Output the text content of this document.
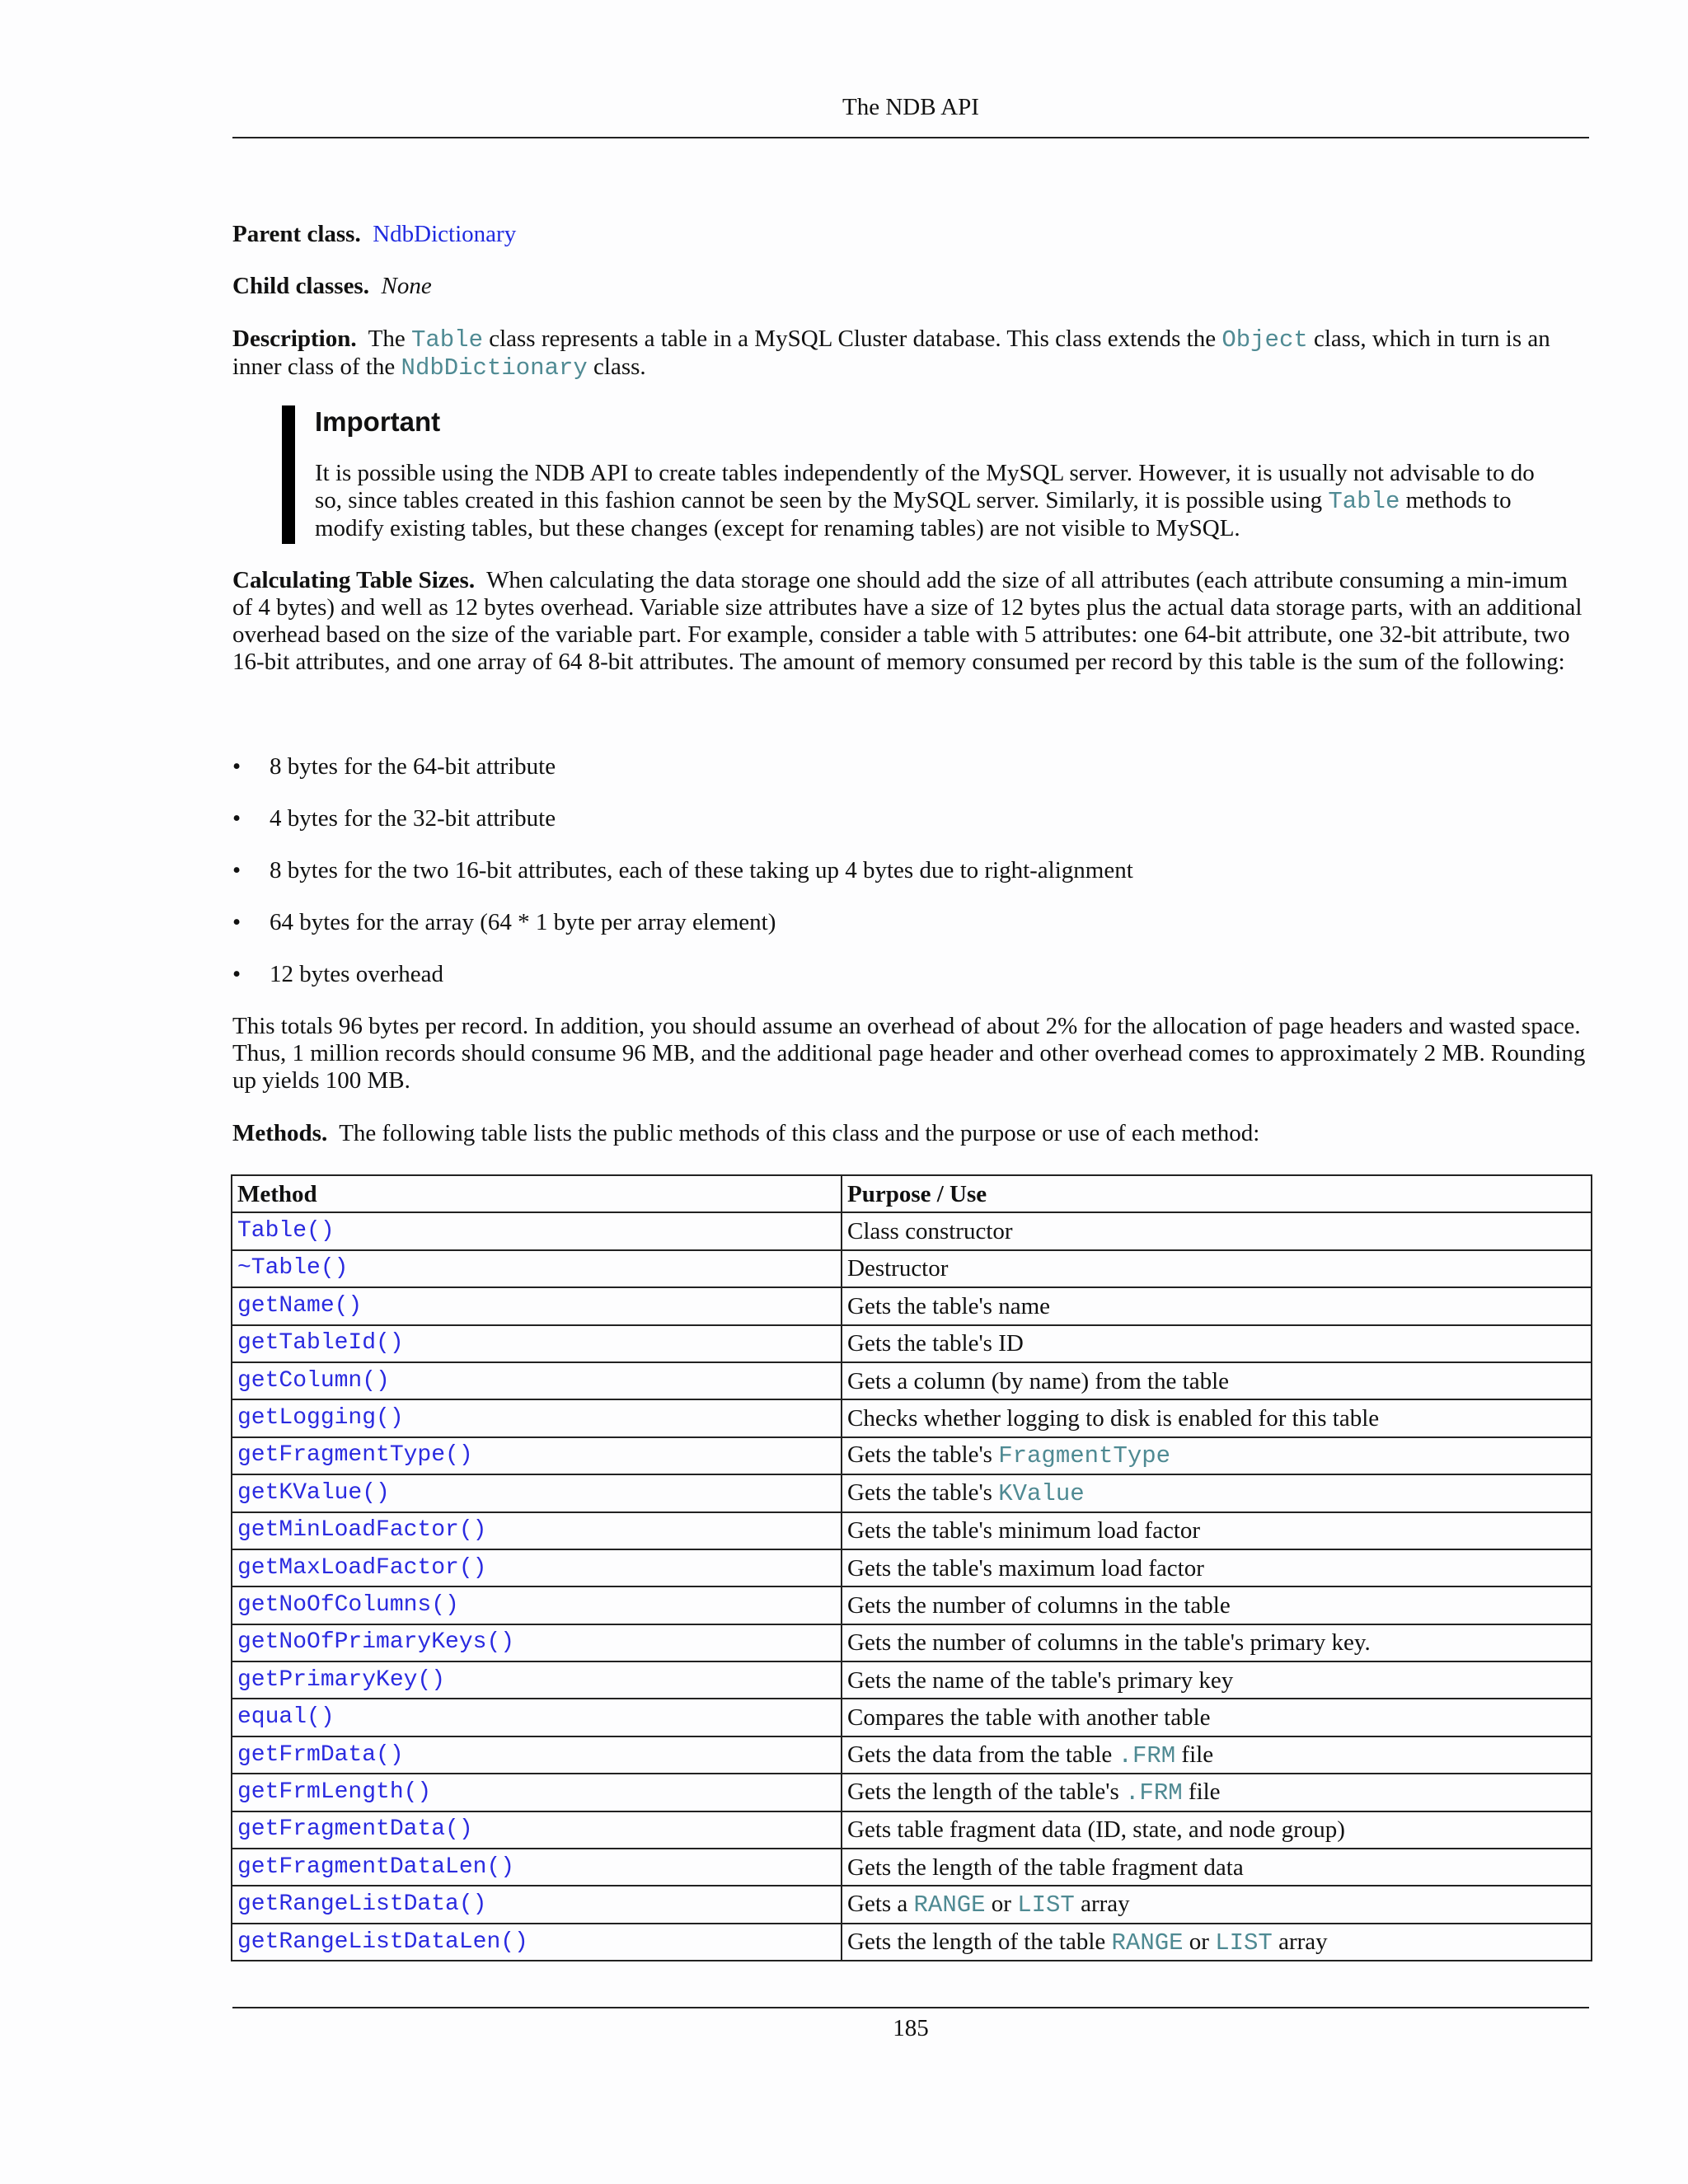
The NDB API

Parent class. NdbDictionary

Child classes. None

Description. The Table class represents a table in a MySQL Cluster database. This class extends the Object class, which in turn is an inner class of the NdbDictionary class.

Important
It is possible using the NDB API to create tables independently of the MySQL server. However, it is usually not advisable to do so, since tables created in this fashion cannot be seen by the MySQL server. Similarly, it is possible using Table methods to modify existing tables, but these changes (except for renaming tables) are not visible to MySQL.

Calculating Table Sizes. When calculating the data storage one should add the size of all attributes (each attribute consuming a min-imum of 4 bytes) and well as 12 bytes overhead. Variable size attributes have a size of 12 bytes plus the actual data storage parts, with an additional overhead based on the size of the variable part. For example, consider a table with 5 attributes: one 64-bit attribute, one 32-bit attribute, two 16-bit attributes, and one array of 64 8-bit attributes. The amount of memory consumed per record by this table is the sum of the following:

• 8 bytes for the 64-bit attribute
• 4 bytes for the 32-bit attribute
• 8 bytes for the two 16-bit attributes, each of these taking up 4 bytes due to right-alignment
• 64 bytes for the array (64 * 1 byte per array element)
• 12 bytes overhead

This totals 96 bytes per record. In addition, you should assume an overhead of about 2% for the allocation of page headers and wasted space. Thus, 1 million records should consume 96 MB, and the additional page header and other overhead comes to approximately 2 MB. Rounding up yields 100 MB.

Methods. The following table lists the public methods of this class and the purpose or use of each method:

Method	Purpose / Use
Table()	Class constructor
~Table()	Destructor
getName()	Gets the table's name
getTableId()	Gets the table's ID
getColumn()	Gets a column (by name) from the table
getLogging()	Checks whether logging to disk is enabled for this table
getFragmentType()	Gets the table's FragmentType
getKValue()	Gets the table's KValue
getMinLoadFactor()	Gets the table's minimum load factor
getMaxLoadFactor()	Gets the table's maximum load factor
getNoOfColumns()	Gets the number of columns in the table
getNoOfPrimaryKeys()	Gets the number of columns in the table's primary key.
getPrimaryKey()	Gets the name of the table's primary key
equal()	Compares the table with another table
getFrmData()	Gets the data from the table .FRM file
getFrmLength()	Gets the length of the table's .FRM file
getFragmentData()	Gets table fragment data (ID, state, and node group)
getFragmentDataLen()	Gets the length of the table fragment data
getRangeListData()	Gets a RANGE or LIST array
getRangeListDataLen()	Gets the length of the table RANGE or LIST array
185
